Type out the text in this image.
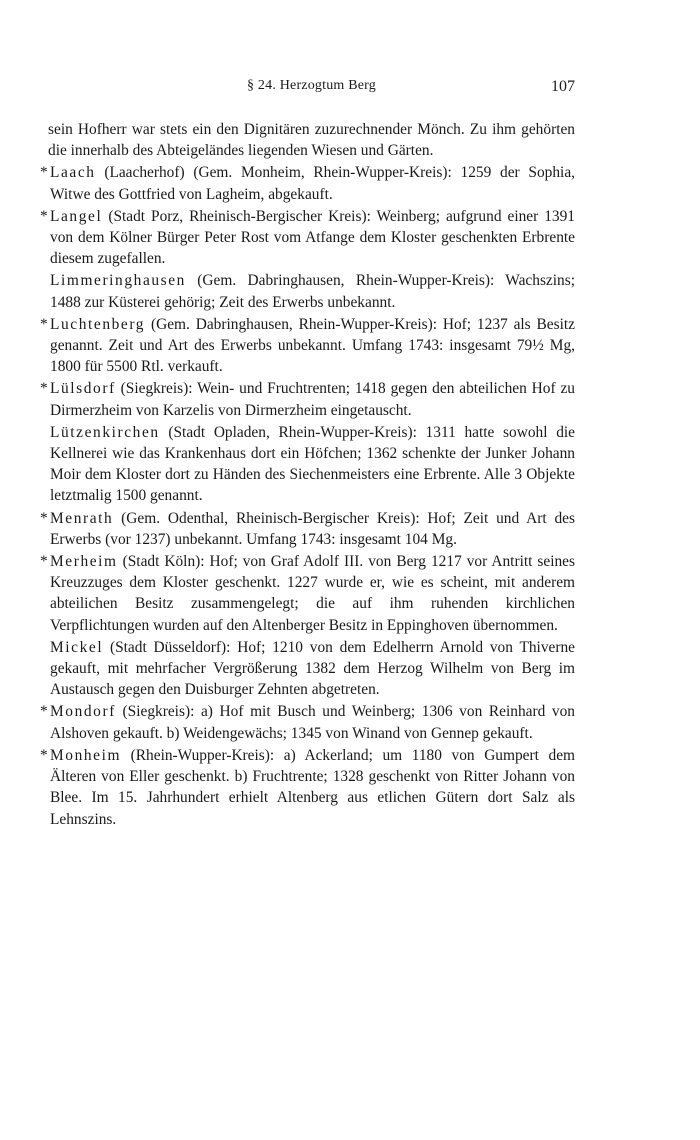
§ 24. Herzogtum Berg	107

sein Hofherr war stets ein den Dignitären zuzurechnender Mönch. Zu ihm gehörten die innerhalb des Abteigeländes liegenden Wiesen und Gärten.

* Laach (Laacherhof) (Gem. Monheim, Rhein-Wupper-Kreis): 1259 der Sophia, Witwe des Gottfried von Lagheim, abgekauft.

* Langel (Stadt Porz, Rheinisch-Bergischer Kreis): Weinberg; aufgrund einer 1391 von dem Kölner Bürger Peter Rost vom Atfange dem Kloster geschenkten Erbrente diesem zugefallen.

Limmeringhausen (Gem. Dabringhausen, Rhein-Wupper-Kreis): Wachszins; 1488 zur Küsterei gehörig; Zeit des Erwerbs unbekannt.

* Luchtenberg (Gem. Dabringhausen, Rhein-Wupper-Kreis): Hof; 1237 als Besitz genannt. Zeit und Art des Erwerbs unbekannt. Umfang 1743: insgesamt 79½ Mg, 1800 für 5500 Rtl. verkauft.

* Lülsdorf (Siegkreis): Wein- und Fruchtrenten; 1418 gegen den abteilichen Hof zu Dirmerzheim von Karzelis von Dirmerzheim eingetauscht.

Lützenkirchen (Stadt Opladen, Rhein-Wupper-Kreis): 1311 hatte sowohl die Kellnerei wie das Krankenhaus dort ein Höfchen; 1362 schenkte der Junker Johann Moir dem Kloster dort zu Händen des Siechenmeisters eine Erbrente. Alle 3 Objekte letztmalig 1500 genannt.

* Menrath (Gem. Odenthal, Rheinisch-Bergischer Kreis): Hof; Zeit und Art des Erwerbs (vor 1237) unbekannt. Umfang 1743: insgesamt 104 Mg.

* Merheim (Stadt Köln): Hof; von Graf Adolf III. von Berg 1217 vor Antritt seines Kreuzzuges dem Kloster geschenkt. 1227 wurde er, wie es scheint, mit anderem abteilichen Besitz zusammengelegt; die auf ihm ruhenden kirchlichen Verpflichtungen wurden auf den Altenberger Besitz in Eppinghoven übernommen.

Mickel (Stadt Düsseldorf): Hof; 1210 von dem Edelherrn Arnold von Thiverne gekauft, mit mehrfacher Vergrößerung 1382 dem Herzog Wilhelm von Berg im Austausch gegen den Duisburger Zehnten abgetreten.

* Mondorf (Siegkreis): a) Hof mit Busch und Weinberg; 1306 von Reinhard von Alshoven gekauft. b) Weidengewächs; 1345 von Winand von Gennep gekauft.

* Monheim (Rhein-Wupper-Kreis): a) Ackerland; um 1180 von Gumpert dem Älteren von Eller geschenkt. b) Fruchtrente; 1328 geschenkt von Ritter Johann von Blee. Im 15. Jahrhundert erhielt Altenberg aus etlichen Gütern dort Salz als Lehnszins.
